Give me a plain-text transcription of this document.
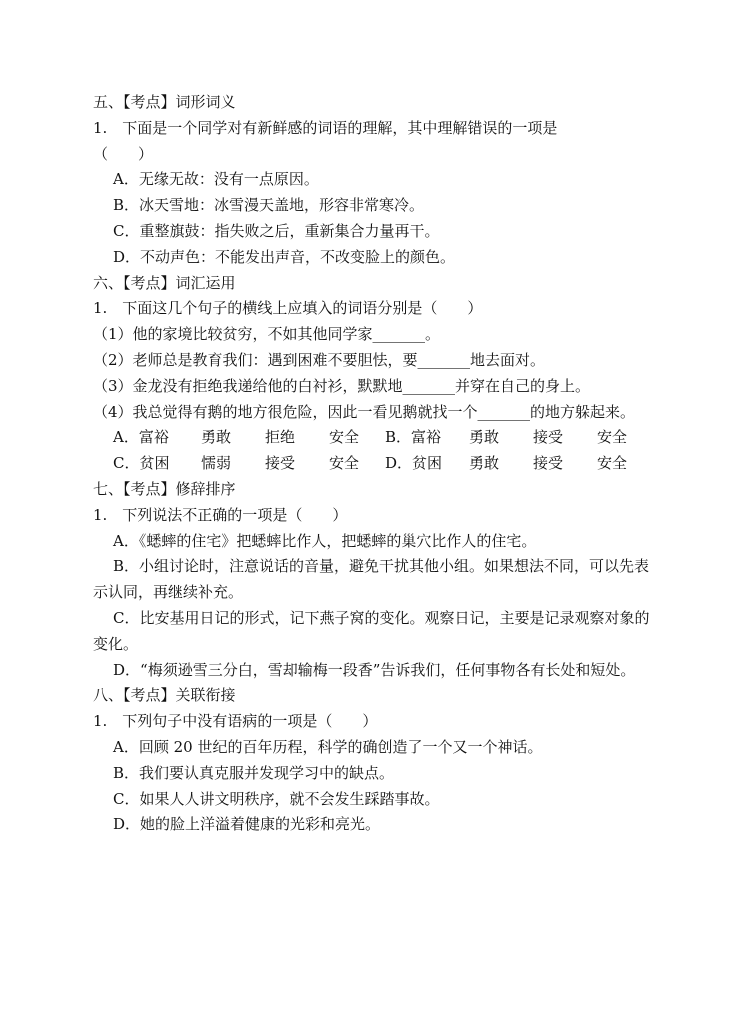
五、【考点】词形词义

1.　下面是一个同学对有新鲜感的词语的理解，其中理解错误的一项是

（　　）

A．无缘无故：没有一点原因。

B．冰天雪地：冰雪漫天盖地，形容非常寒冷。

C．重整旗鼓：指失败之后，重新集合力量再干。

D．不动声色：不能发出声音，不改变脸上的颜色。

六、【考点】词汇运用

1.　下面这几个句子的横线上应填入的词语分别是（　　）

（1）他的家境比较贫穷，不如其他同学家_______。

（2）老师总是教育我们：遇到困难不要胆怯，要_______地去面对。

（3）金龙没有拒绝我递给他的白衬衫，默默地_______并穿在自己的身上。

（4）我总觉得有鹅的地方很危险，因此一看见鹅就找一个_______的地方躲起来。

A．富裕	勇敢	拒绝	安全	B．富裕	勇敢	接受	安全
C．贫困	懦弱	接受	安全	D．贫困	勇敢	接受	安全

七、【考点】修辞排序

1.　下列说法不正确的一项是（　　）

A．《蟋蟀的住宅》把蟋蟀比作人，把蟋蟀的巢穴比作人的住宅。

B．小组讨论时，注意说话的音量，避免干扰其他小组。如果想法不同，可以先表示认同，再继续补充。

C．比安基用日记的形式，记下燕子窝的变化。观察日记，主要是记录观察对象的变化。

D．“梅须逊雪三分白，雪却输梅一段香”告诉我们，任何事物各有长处和短处。

八、【考点】关联衔接

1.　下列句子中没有语病的一项是（　　）

A．回顾 20 世纪的百年历程，科学的确创造了一个又一个神话。

B．我们要认真克服并发现学习中的缺点。

C．如果人人讲文明秩序，就不会发生踩踏事故。

D．她的脸上洋溢着健康的光彩和亮光。
